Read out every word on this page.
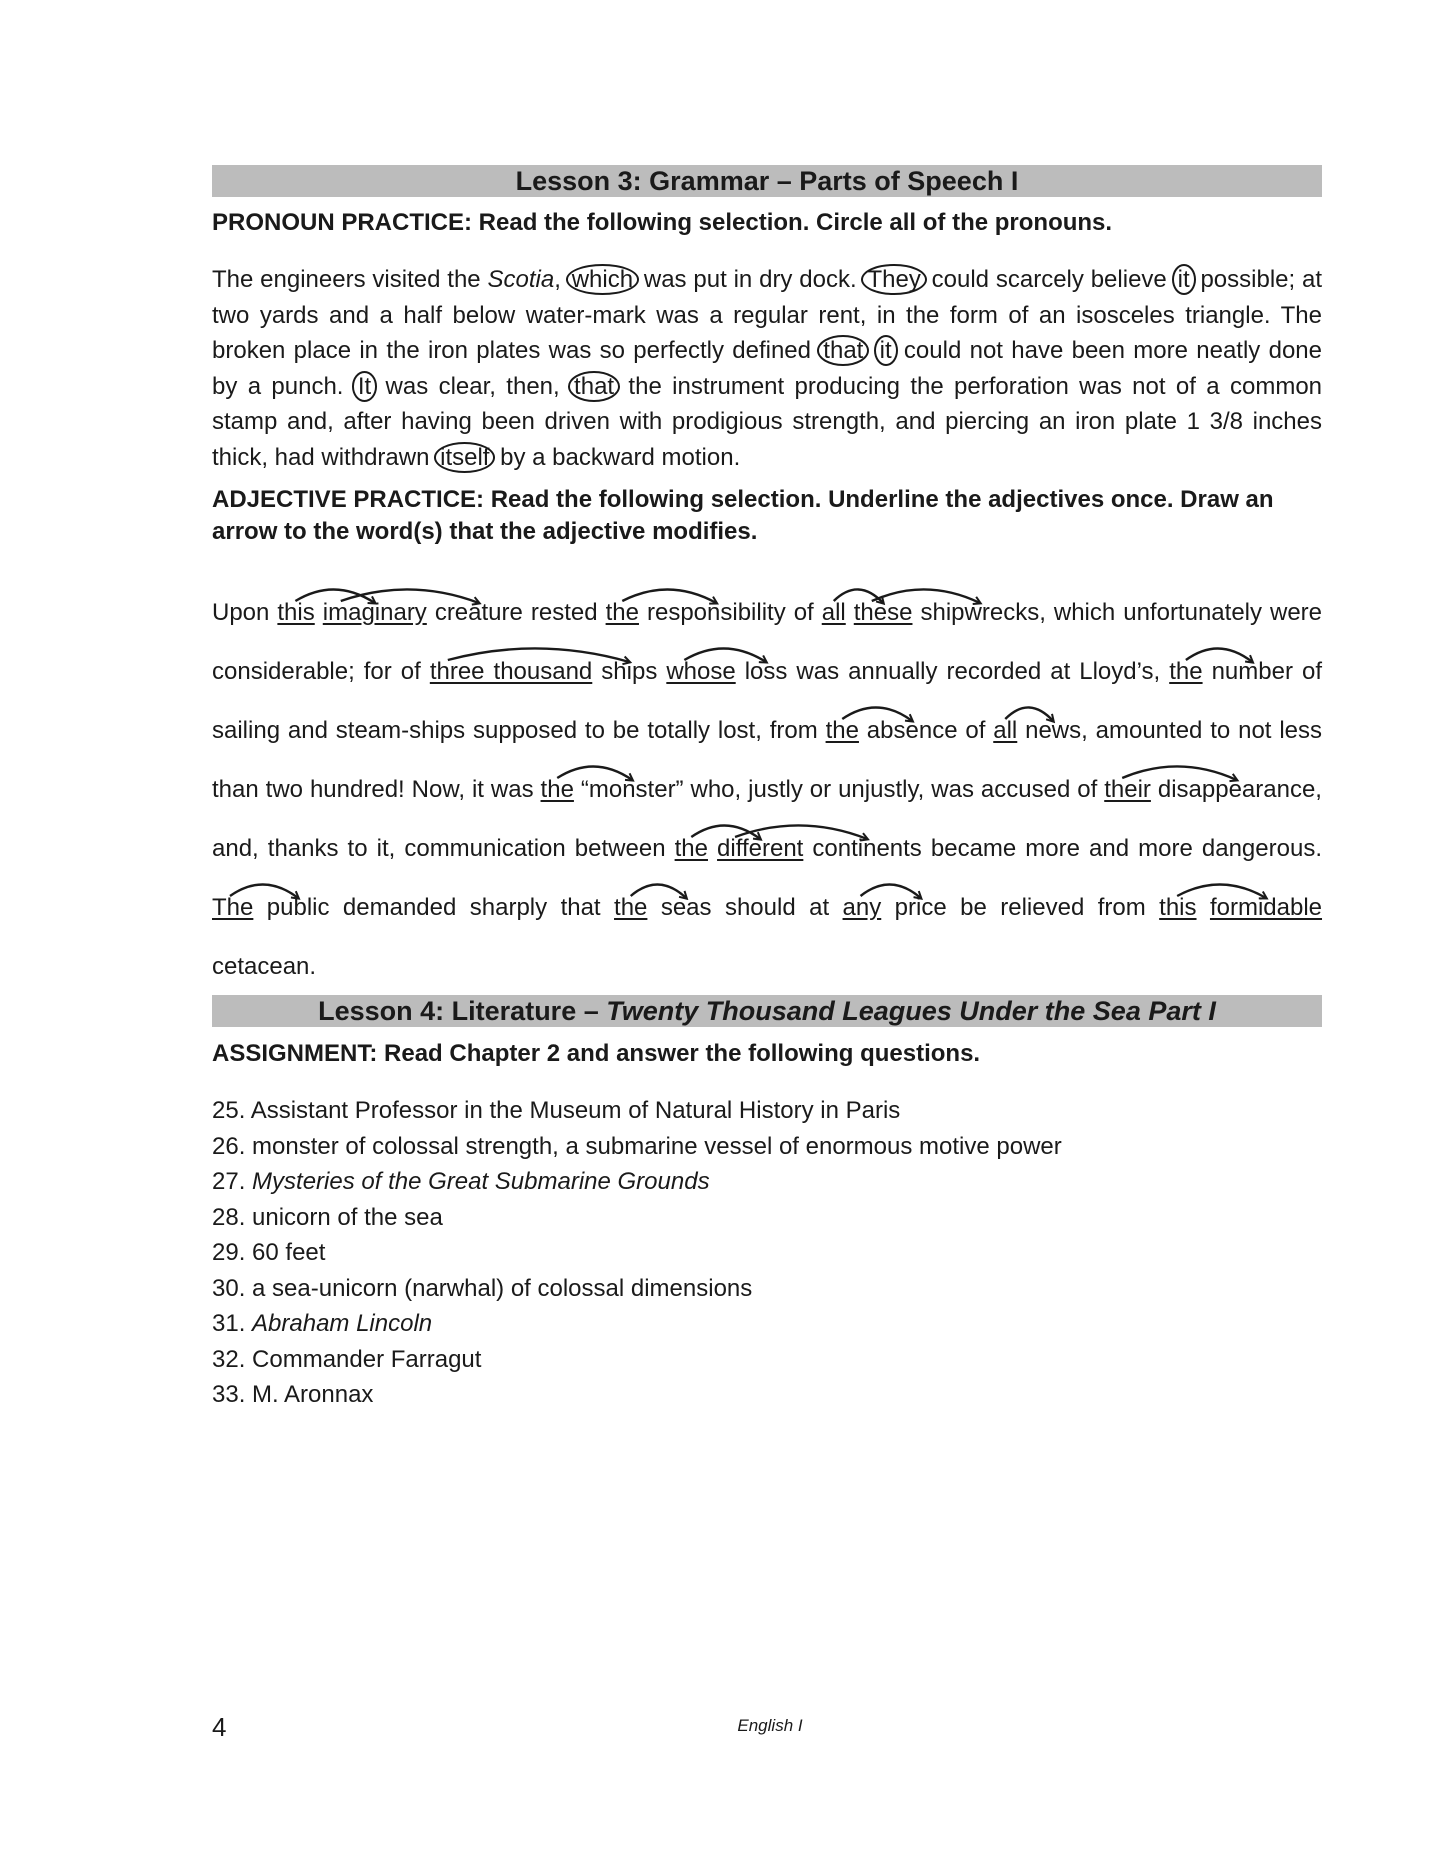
Lesson 3: Grammar – Parts of Speech I
PRONOUN PRACTICE: Read the following selection. Circle all of the pronouns.
The engineers visited the Scotia, which was put in dry dock. They could scarcely believe it possible; at two yards and a half below water-mark was a regular rent, in the form of an isosceles triangle. The broken place in the iron plates was so perfectly defined that it could not have been more neatly done by a punch. It was clear, then, that the instrument producing the perforation was not of a common stamp and, after having been driven with prodigious strength, and piercing an iron plate 1 3/8 inches thick, had withdrawn itself by a backward motion.
ADJECTIVE PRACTICE: Read the following selection. Underline the adjectives once. Draw an arrow to the word(s) that the adjective modifies.
Upon this imaginary creature rested the responsibility of all these shipwrecks, which unfortunately were considerable; for of three thousand ships whose loss was annually recorded at Lloyd’s, the number of sailing and steam-ships supposed to be totally lost, from the absence of all news, amounted to not less than two hundred! Now, it was the “monster” who, justly or unjustly, was accused of their disappearance, and, thanks to it, communication between the different continents became more and more dangerous. The public demanded sharply that the seas should at any price be relieved from this formidable cetacean.
Lesson 4: Literature – Twenty Thousand Leagues Under the Sea Part I
ASSIGNMENT: Read Chapter 2 and answer the following questions.
25. Assistant Professor in the Museum of Natural History in Paris
26. monster of colossal strength, a submarine vessel of enormous motive power
27. Mysteries of the Great Submarine Grounds
28. unicorn of the sea
29. 60 feet
30. a sea-unicorn (narwhal) of colossal dimensions
31. Abraham Lincoln
32. Commander Farragut
33. M. Aronnax
4	English I
